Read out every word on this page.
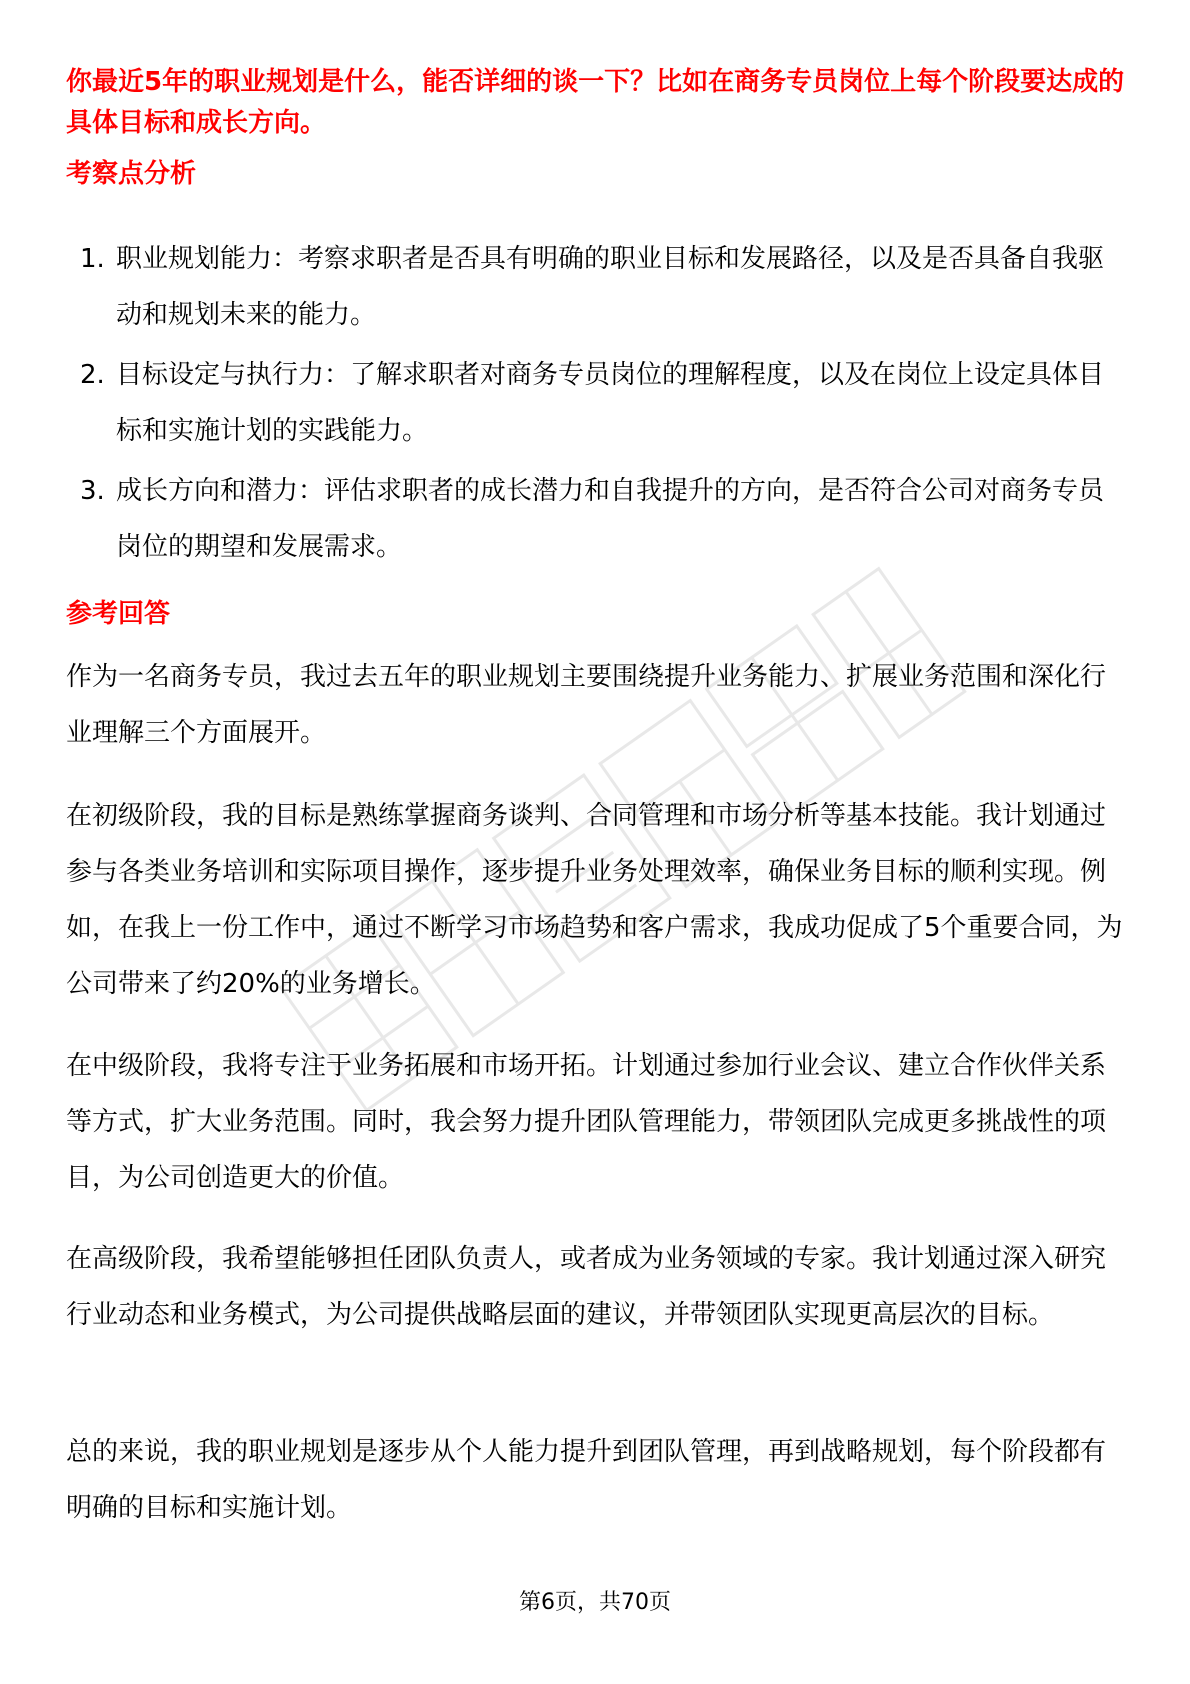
你最近5年的职业规划是什么，能否详细的谈一下？比如在商务专员岗位上每个阶段要达成的具体目标和成长方向。

考察点分析
1. 职业规划能力：考察求职者是否具有明确的职业目标和发展路径，以及是否具备自我驱动和规划未来的能力。
2. 目标设定与执行力：了解求职者对商务专员岗位的理解程度，以及在岗位上设定具体目标和实施计划的实践能力。
3. 成长方向和潜力：评估求职者的成长潜力和自我提升的方向，是否符合公司对商务专员岗位的期望和发展需求。
参考回答

作为一名商务专员，我过去五年的职业规划主要围绕提升业务能力、扩展业务范围和深化行业理解三个方面展开。

在初级阶段，我的目标是熟练掌握商务谈判、合同管理和市场分析等基本技能。我计划通过参与各类业务培训和实际项目操作，逐步提升业务处理效率，确保业务目标的顺利实现。例如，在我上一份工作中，通过不断学习市场趋势和客户需求，我成功促成了5个重要合同，为公司带来了约20%的业务增长。

在中级阶段，我将专注于业务拓展和市场开拓。计划通过参加行业会议、建立合作伙伴关系等方式，扩大业务范围。同时，我会努力提升团队管理能力，带领团队完成更多挑战性的项目，为公司创造更大的价值。

在高级阶段，我希望能够担任团队负责人，或者成为业务领域的专家。我计划通过深入研究行业动态和业务模式，为公司提供战略层面的建议，并带领团队实现更高层次的目标。

总的来说，我的职业规划是逐步从个人能力提升到团队管理，再到战略规划，每个阶段都有明确的目标和实施计划。

第6页，共70页
